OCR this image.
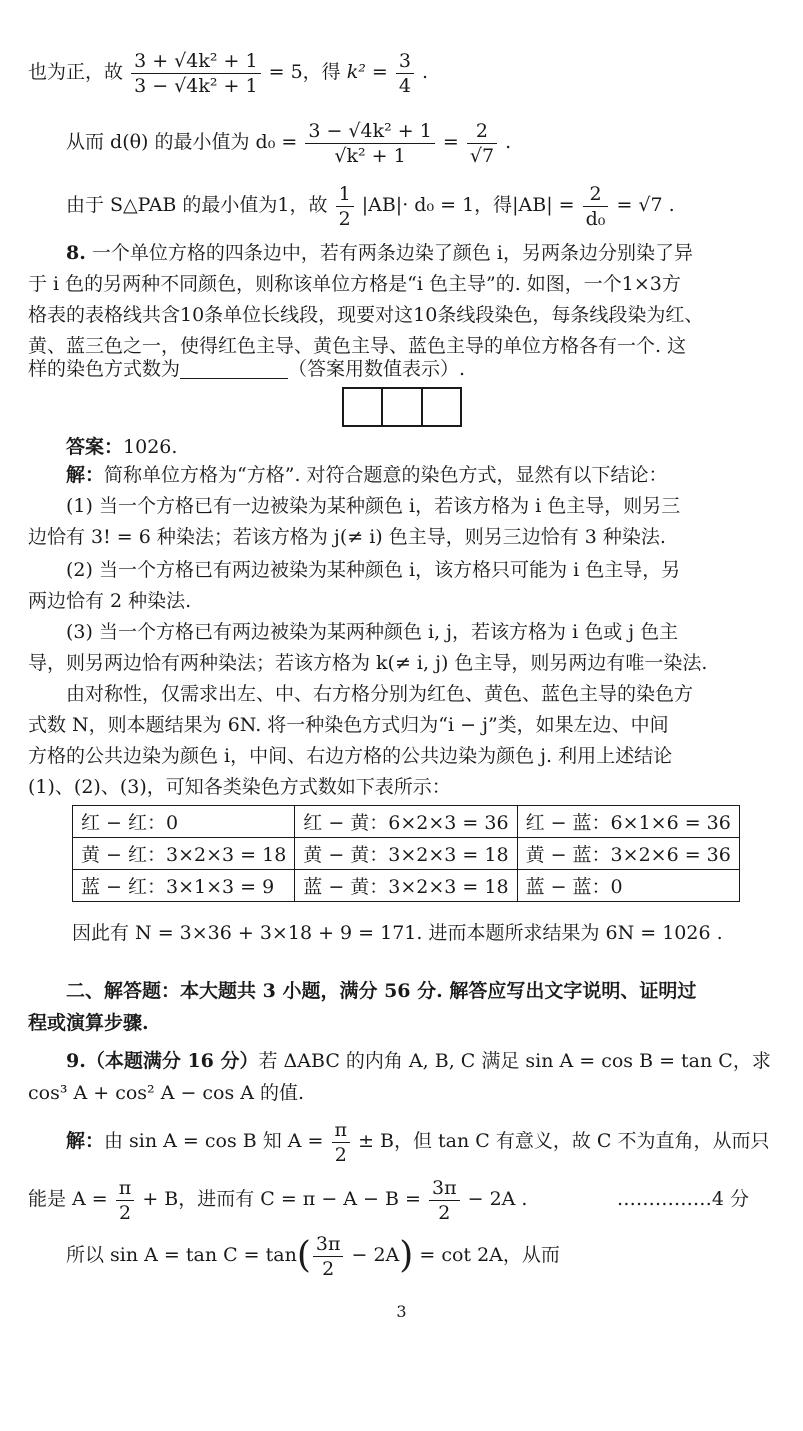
也为正，故 $\frac{\text{3 + √4k² + 1}}{\text{3 − √4k² + 1}} = 5$，得 $k^2 = \frac{3}{4}$ .
从而 d(θ) 的最小值为 $d_0 = \frac{\text{3 − √4k² + 1}}{\text{√k² + 1}} = \frac{2}{√7}$ .
由于 S△PAB 的最小值为1，故 $\frac{1}{2} |AB|\cdot d_0 = 1$，得$|AB| = \frac{2}{\text{d₀}} = √7$ .
8. 一个单位方格的四条边中，若有两条边染了颜色 i，另两条边分别染了异
于 i 色的另两种不同颜色，则称该单位方格是“i 色主导”的. 如图，一个1×3方
格表的表格线共含10条单位长线段，现要对这10条线段染色，每条线段染为红、
黄、蓝三色之一，使得红色主导、黄色主导、蓝色主导的单位方格各有一个. 这
样的染色方式数为	（答案用数值表示）.
答案：1026.
解：简称单位方格为“方格”. 对符合题意的染色方式，显然有以下结论：
(1) 当一个方格已有一边被染为某种颜色 i，若该方格为 i 色主导，则另三
边恰有 3! = 6 种染法；若该方格为 j(≠ i) 色主导，则另三边恰有 3 种染法.
(2) 当一个方格已有两边被染为某种颜色 i，该方格只可能为 i 色主导，另
两边恰有 2 种染法.
(3) 当一个方格已有两边被染为某两种颜色 i, j，若该方格为 i 色或 j 色主
导，则另两边恰有两种染法；若该方格为 k(≠ i, j) 色主导，则另两边有唯一染法.
由对称性，仅需求出左、中、右方格分别为红色、黄色、蓝色主导的染色方
式数 N，则本题结果为 6N. 将一种染色方式归为“i − j”类，如果左边、中间
方格的公共边染为颜色 i，中间、右边方格的公共边染为颜色 j. 利用上述结论
(1)、(2)、(3)，可知各类染色方式数如下表所示：
红 − 红：0	红 − 黄：6×2×3 = 36	红 − 蓝：6×1×6 = 36
黄 − 红：3×2×3 = 18	黄 − 黄：3×2×3 = 18	黄 − 蓝：3×2×6 = 36
蓝 − 红：3×1×3 = 9	蓝 − 黄：3×2×3 = 18	蓝 − 蓝：0
因此有 N = 3×36 + 3×18 + 9 = 171. 进而本题所求结果为 6N = 1026 .
二、解答题：本大题共 3 小题，满分 56 分. 解答应写出文字说明、证明过
程或演算步骤.
9.（本题满分 16 分）若 ΔABC 的内角 A, B, C 满足 sin A = cos B = tan C，求
cos³ A + cos² A − cos A 的值.
解：由 sin A = cos B 知 $A = \frac{\pi}{2} \pm B$，但 tan C 有意义，故 C 不为直角，从而只
能是 $A = \frac{\pi}{2} + B$，进而有 $C = \pi - A - B = \frac{3\pi}{2} - 2A$ .	……………4 分
所以 $\sin A = \tan C = \tan( \frac{3\pi}{2} - 2A) = \cot 2A$，从而
3
